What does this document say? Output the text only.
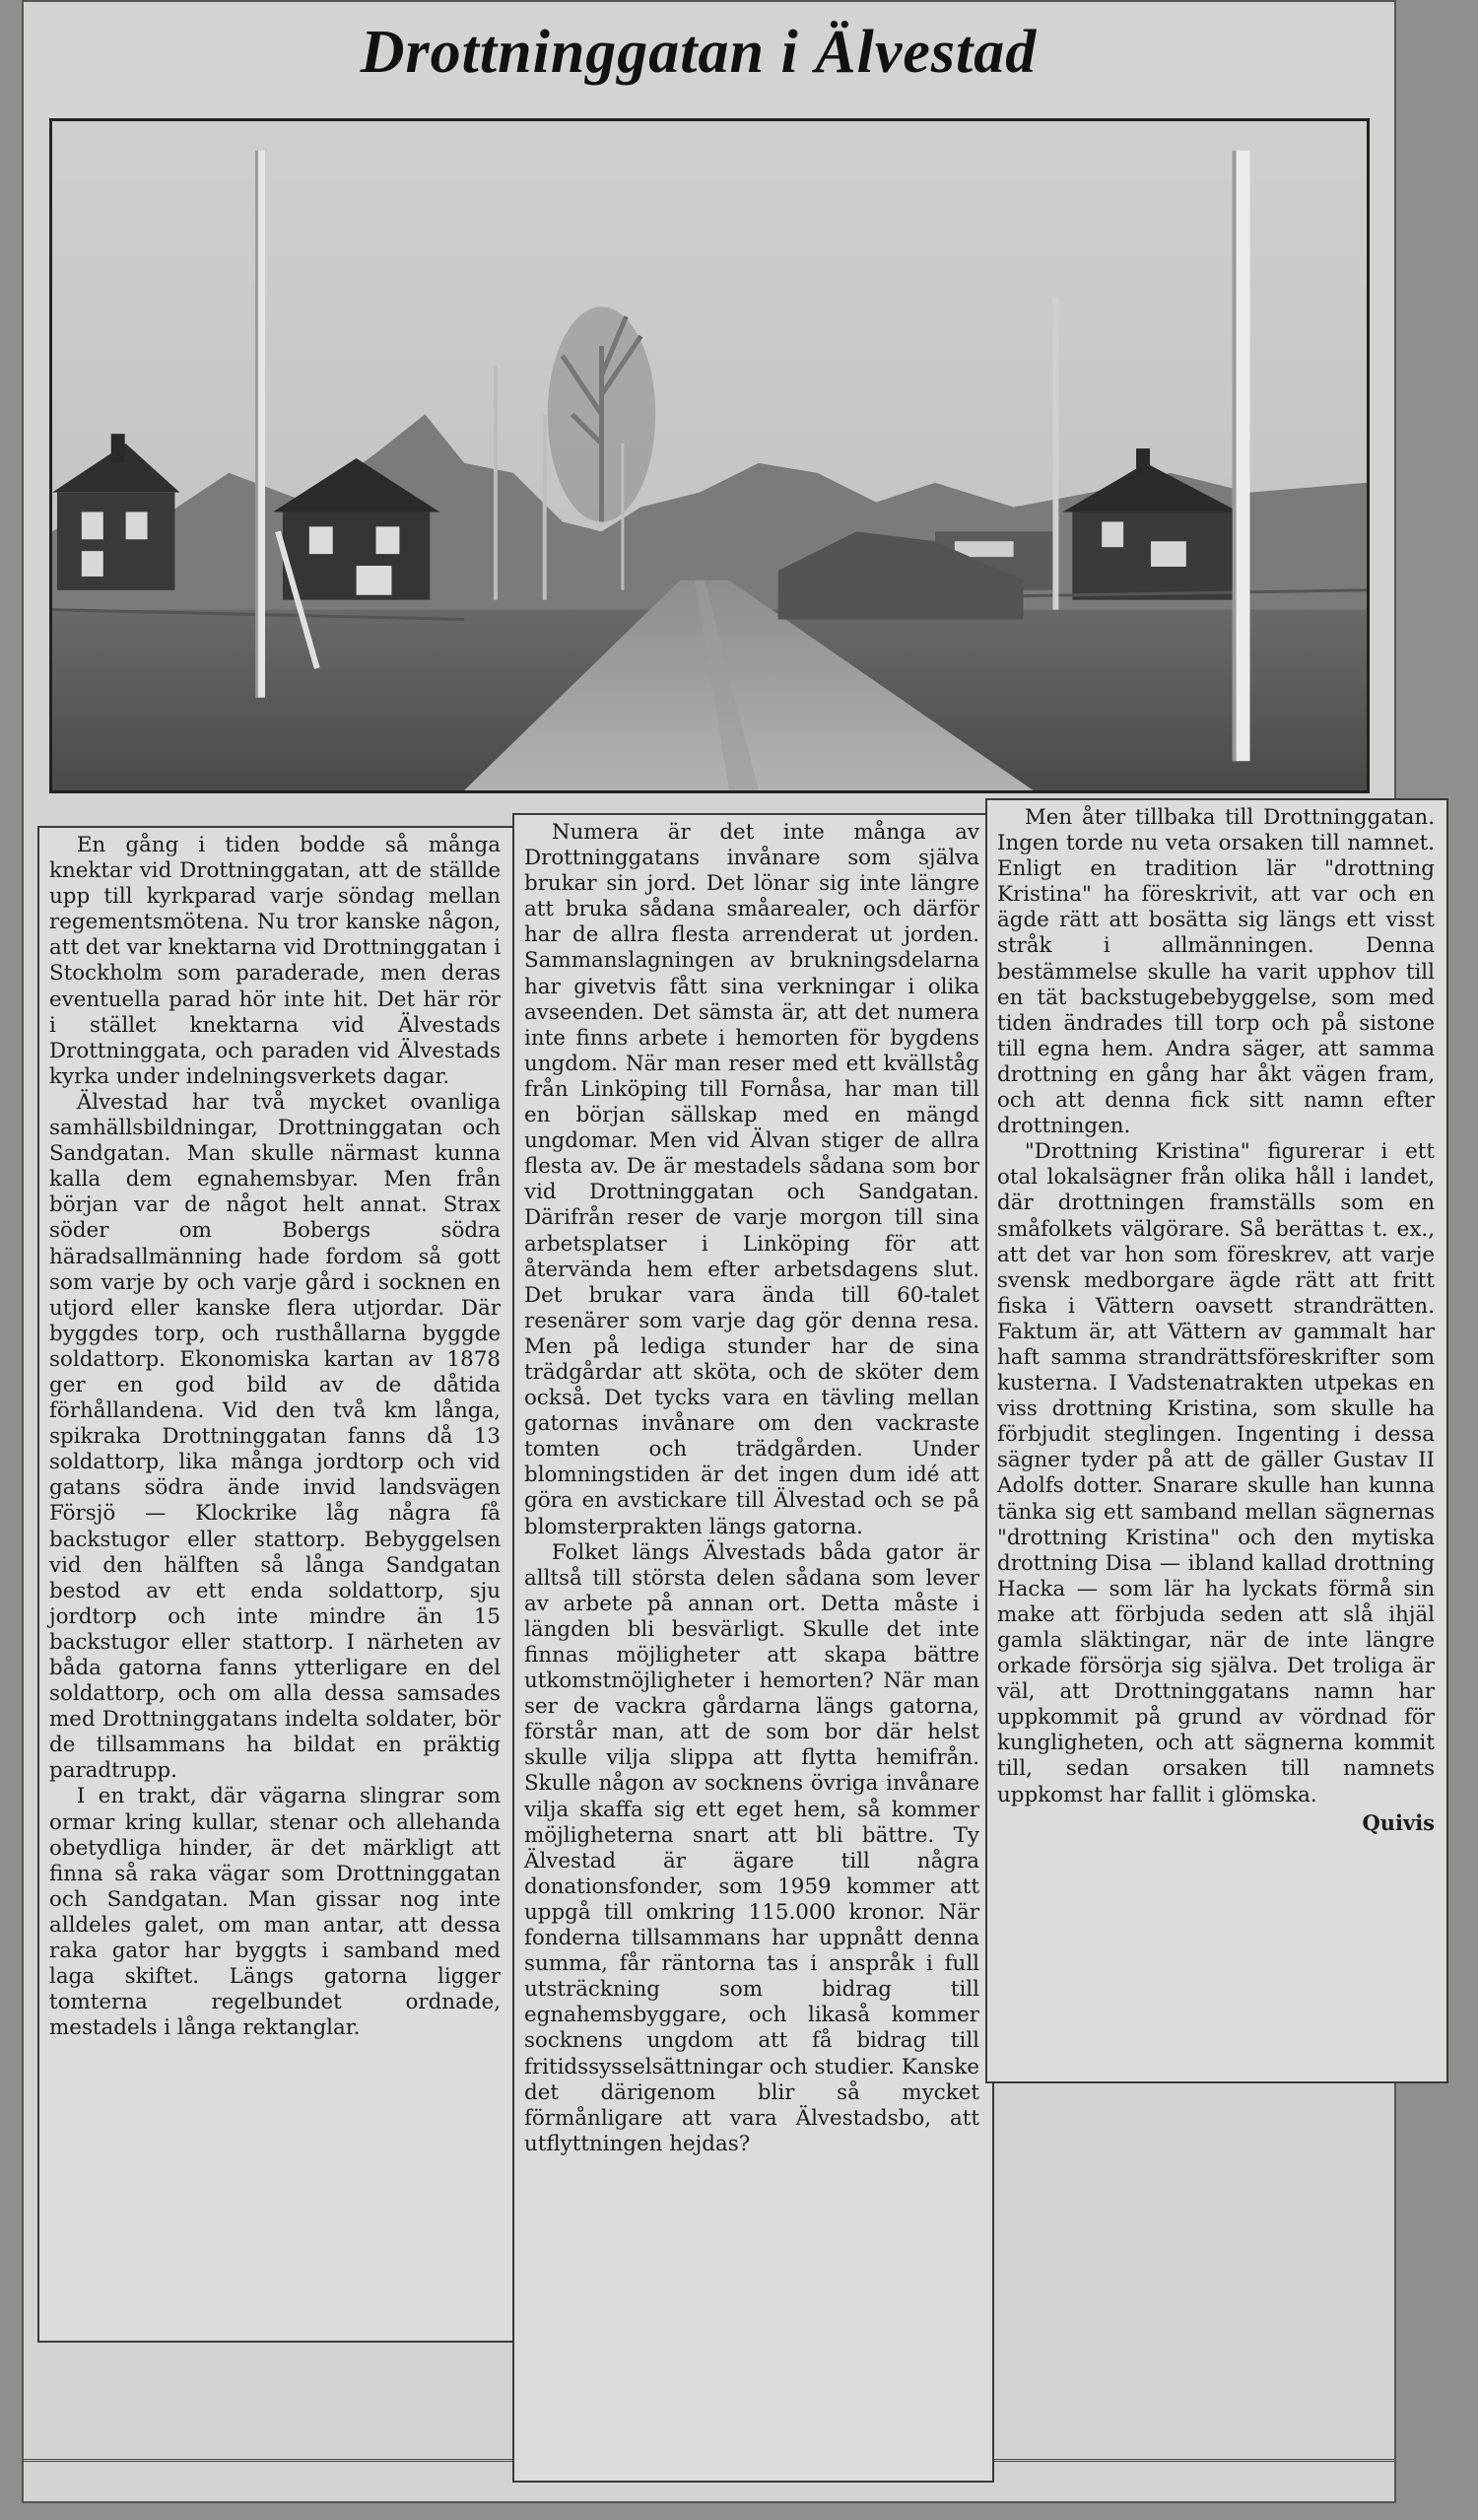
Drottninggatan i Älvestad

En gång i tiden bodde så många knektar vid Drottninggatan, att de ställde upp till kyrkparad varje söndag mellan regementsmötena. Nu tror kanske någon, att det var knektarna vid Drottninggatan i Stockholm som paraderade, men deras eventuella parad hör inte hit. Det här rör i stället knektarna vid Älvestads Drottninggata, och paraden vid Älvestads kyrka under indelningsverkets dagar.

Älvestad har två mycket ovanliga samhällsbildningar, Drottninggatan och Sandgatan. Man skulle närmast kunna kalla dem egnahemsbyar. Men från början var de något helt annat. Strax söder om Bobergs södra häradsallmänning hade fordom så gott som varje by och varje gård i socknen en utjord eller kanske flera utjordar. Där byggdes torp, och rusthållarna byggde soldattorp. Ekonomiska kartan av 1878 ger en god bild av de dåtida förhållandena. Vid den två km långa, spikraka Drottninggatan fanns då 13 soldattorp, lika många jordtorp och vid gatans södra ände invid landsvägen Försjö — Klockrike låg några få backstugor eller stattorp. Bebyggelsen vid den hälften så långa Sandgatan bestod av ett enda soldattorp, sju jordtorp och inte mindre än 15 backstugor eller stattorp. I närheten av båda gatorna fanns ytterligare en del soldattorp, och om alla dessa samsades med Drottninggatans indelta soldater, bör de tillsammans ha bildat en präktig paradtrupp.

I en trakt, där vägarna slingrar som ormar kring kullar, stenar och allehanda obetydliga hinder, är det märkligt att finna så raka vägar som Drottninggatan och Sandgatan. Man gissar nog inte alldeles galet, om man antar, att dessa raka gator har byggts i samband med laga skiftet. Längs gatorna ligger tomterna regelbundet ordnade, mestadels i långa rektanglar.

Numera är det inte många av Drottninggatans invånare som själva brukar sin jord. Det lönar sig inte längre att bruka sådana småarealer, och därför har de allra flesta arrenderat ut jorden. Sammanslagningen av brukningsdelarna har givetvis fått sina verkningar i olika avseenden. Det sämsta är, att det numera inte finns arbete i hemorten för bygdens ungdom. När man reser med ett kvällståg från Linköping till Fornåsa, har man till en början sällskap med en mängd ungdomar. Men vid Älvan stiger de allra flesta av. De är mestadels sådana som bor vid Drottninggatan och Sandgatan. Därifrån reser de varje morgon till sina arbetsplatser i Linköping för att återvända hem efter arbetsdagens slut. Det brukar vara ända till 60-talet resenärer som varje dag gör denna resa. Men på lediga stunder har de sina trädgårdar att sköta, och de sköter dem också. Det tycks vara en tävling mellan gatornas invånare om den vackraste tomten och trädgården. Under blomningstiden är det ingen dum idé att göra en avstickare till Älvestad och se på blomsterprakten längs gatorna.

Folket längs Älvestads båda gator är alltså till största delen sådana som lever av arbete på annan ort. Detta måste i längden bli besvärligt. Skulle det inte finnas möjligheter att skapa bättre utkomstmöjligheter i hemorten? När man ser de vackra gårdarna längs gatorna, förstår man, att de som bor där helst skulle vilja slippa att flytta hemifrån. Skulle någon av socknens övriga invånare vilja skaffa sig ett eget hem, så kommer möjligheterna snart att bli bättre. Ty Älvestad är ägare till några donationsfonder, som 1959 kommer att uppgå till omkring 115.000 kronor. När fonderna tillsammans har uppnått denna summa, får räntorna tas i anspråk i full utsträckning som bidrag till egnahemsbyggare, och likaså kommer socknens ungdom att få bidrag till fritidssysselsättningar och studier. Kanske det därigenom blir så mycket förmånligare att vara Älvestadsbo, att utflyttningen hejdas?

Men åter tillbaka till Drottninggatan. Ingen torde nu veta orsaken till namnet. Enligt en tradition lär "drottning Kristina" ha föreskrivit, att var och en ägde rätt att bosätta sig längs ett visst stråk i allmänningen. Denna bestämmelse skulle ha varit upphov till en tät backstugebebyggelse, som med tiden ändrades till torp och på sistone till egna hem. Andra säger, att samma drottning en gång har åkt vägen fram, och att denna fick sitt namn efter drottningen.

"Drottning Kristina" figurerar i ett otal lokalsägner från olika håll i landet, där drottningen framställs som en småfolkets välgörare. Så berättas t. ex., att det var hon som föreskrev, att varje svensk medborgare ägde rätt att fritt fiska i Vättern oavsett strandrätten. Faktum är, att Vättern av gammalt har haft samma strandrättsföreskrifter som kusterna. I Vadstenatrakten utpekas en viss drottning Kristina, som skulle ha förbjudit steglingen. Ingenting i dessa sägner tyder på att de gäller Gustav II Adolfs dotter. Snarare skulle han kunna tänka sig ett samband mellan sägnernas "drottning Kristina" och den mytiska drottning Disa — ibland kallad drottning Hacka — som lär ha lyckats förmå sin make att förbjuda seden att slå ihjäl gamla släktingar, när de inte längre orkade försörja sig själva. Det troliga är väl, att Drottninggatans namn har uppkommit på grund av vördnad för kungligheten, och att sägnerna kommit till, sedan orsaken till namnets uppkomst har fallit i glömska.

Quivis
